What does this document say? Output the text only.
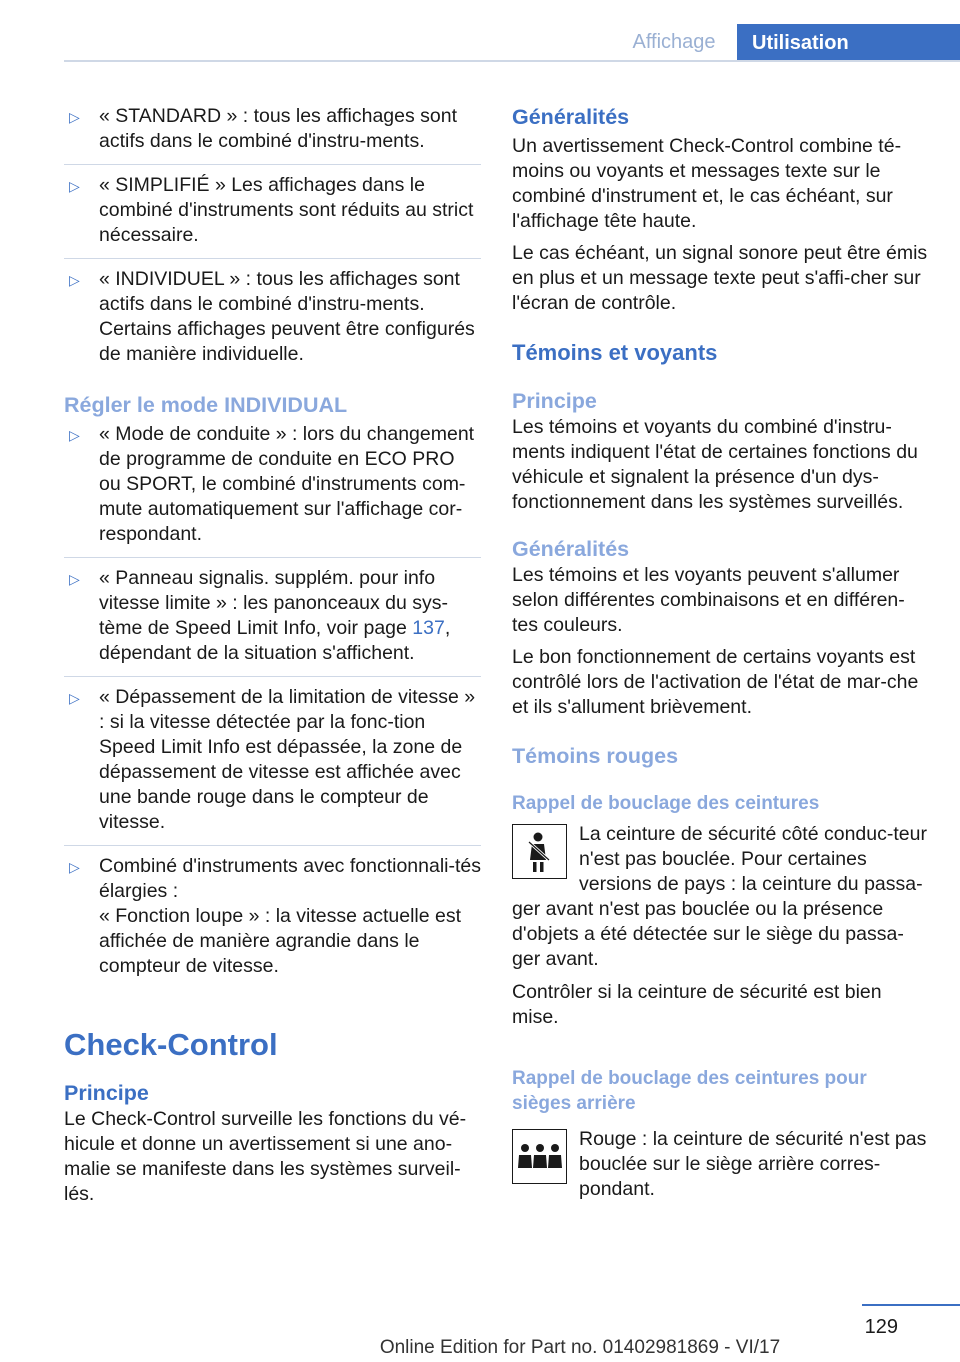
Affichage	Utilisation
▷ « STANDARD » : tous les affichages sont actifs dans le combiné d'instru-ments.

▷ « SIMPLIFIÉ » Les affichages dans le combiné d'instruments sont réduits au strict nécessaire.

▷ « INDIVIDUEL » : tous les affichages sont actifs dans le combiné d'instru-ments. Certains affichages peuvent être configurés de manière individuelle.

Régler le mode INDIVIDUAL
▷ « Mode de conduite » : lors du changement de programme de conduite en ECO PRO ou SPORT, le combiné d'instruments com-mute automatiquement sur l'affichage cor-respondant.

▷ « Panneau signalis. supplém. pour info vitesse limite » : les panonceaux du sys-tème de Speed Limit Info, voir page 137, dépendant de la situation s'affichent.

▷ « Dépassement de la limitation de vitesse » : si la vitesse détectée par la fonc-tion Speed Limit Info est dépassée, la zone de dépassement de vitesse est affichée avec une bande rouge dans le compteur de vitesse.

▷ Combiné d'instruments avec fonctionnali-tés élargies :

« Fonction loupe » : la vitesse actuelle est affichée de manière agrandie dans le compteur de vitesse.

Check-Control
Principe

Le Check-Control surveille les fonctions du vé-hicule et donne un avertissement si une ano-malie se manifeste dans les systèmes surveil-lés.

Généralités

Un avertissement Check-Control combine té-moins ou voyants et messages texte sur le combiné d'instrument et, le cas échéant, sur l'affichage tête haute.

Le cas échéant, un signal sonore peut être émis en plus et un message texte peut s'affi-cher sur l'écran de contrôle.

Témoins et voyants
Principe

Les témoins et voyants du combiné d'instru-ments indiquent l'état de certaines fonctions du véhicule et signalent la présence d'un dys-fonctionnement dans les systèmes surveillés.

Généralités

Les témoins et les voyants peuvent s'allumer selon différentes combinaisons et en différen-tes couleurs.

Le bon fonctionnement de certains voyants est contrôlé lors de l'activation de l'état de mar-che et ils s'allument brièvement.

Témoins rouges
Rappel de bouclage des ceintures

La ceinture de sécurité côté conduc-teur n'est pas bouclée. Pour certaines versions de pays : la ceinture du passa-ger avant n'est pas bouclée ou la présence d'objets a été détectée sur le siège du passa-ger avant.

Contrôler si la ceinture de sécurité est bien mise.

Rappel de bouclage des ceintures pour sièges arrière

Rouge : la ceinture de sécurité n'est pas bouclée sur le siège arrière corres-pondant.

129
Online Edition for Part no. 01402981869 - VI/17
